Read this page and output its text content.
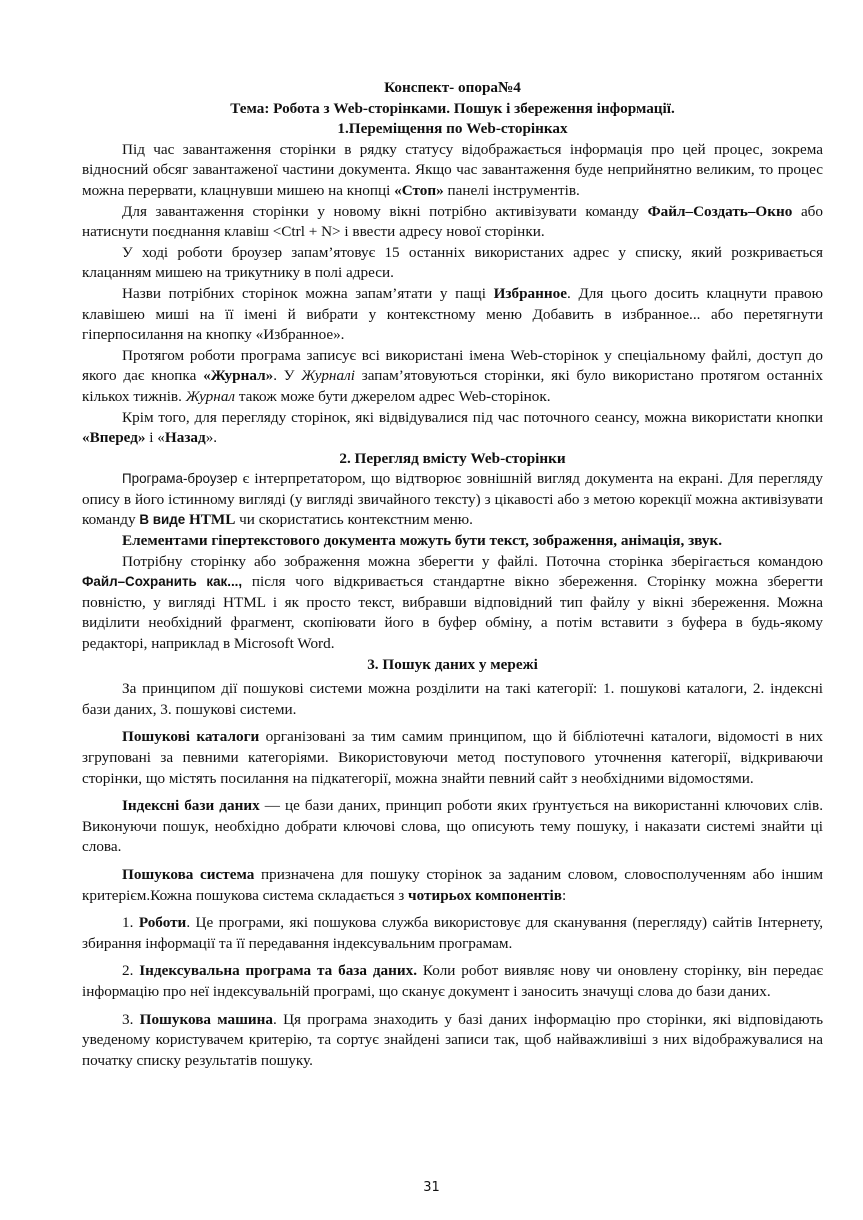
Конспект- опора№4
Тема: Робота з Web-сторінками. Пошук і збереження інформації.
1.Переміщення по Web-сторінках

Під час завантаження сторінки в рядку статусу відображається інформація про цей процес, зокрема відносний обсяг завантаженої частини документа. Якщо час завантаження буде неприйнятно великим, то процес можна перервати, клацнувши мишею на кнопці «Стоп» панелі інструментів.

Для завантаження сторінки у новому вікні потрібно активізувати команду Файл–Создать–Окно або натиснути поєднання клавіш <Ctrl + N> і ввести адресу нової сторінки.

У ході роботи броузер запам’ятовує 15 останніх використаних адрес у списку, який розкривається клацанням мишею на трикутнику в полі адреси.

Назви потрібних сторінок можна запам’ятати у пащі Избранное. Для цього досить клацнути правою клавішею миші на її імені й вибрати у контекстному меню Добавить в избранное... або перетягнути гіперпосилання на кнопку «Избранное».

Протягом роботи програма записує всі використані імена Web-сторінок у спеціальному файлі, доступ до якого дає кнопка «Журнал». У Журналі запам’ятовуються сторінки, які було використано протягом останніх кількох тижнів. Журнал також може бути джерелом адрес Web-сторінок.

Крім того, для перегляду сторінок, які відвідувалися під час поточного сеансу, можна використати кнопки «Вперед» і «Назад».

2. Перегляд вмісту Web-сторінки

Програма-броузер є інтерпретатором, що відтворює зовнішній вигляд документа на екрані. Для перегляду опису в його істинному вигляді (у вигляді звичайного тексту) з цікавості або з метою корекції можна активізувати команду В виде HTML чи скористатись контекстним меню.

Елементами гіпертекстового документа можуть бути текст, зображення, анімація, звук.

Потрібну сторінку або зображення можна зберегти у файлі. Поточна сторінка зберігається командою Файл–Сохранить как..., після чого відкривається стандартне вікно збереження. Сторінку можна зберегти повністю, у вигляді HTML і як просто текст, вибравши відповідний тип файлу у вікні збереження. Можна виділити необхідний фрагмент, скопіювати його в буфер обміну, а потім вставити з буфера в будь-якому редакторі, наприклад в Microsoft Word.

3. Пошук даних у мережі

За принципом дії пошукові системи можна розділити на такі категорії: 1. пошукові каталоги, 2. індексні бази даних, 3. пошукові системи.

Пошукові каталоги організовані за тим самим принципом, що й бібліотечні каталоги, відомості в них згруповані за певними категоріями. Використовуючи метод поступового уточнення категорії, відкриваючи сторінки, що містять посилання на підкатегорії, можна знайти певний сайт з необхідними відомостями.

Індексні бази даних — це бази даних, принцип роботи яких ґрунтується на використанні ключових слів. Виконуючи пошук, необхідно добрати ключові слова, що описують тему пошуку, і наказати системі знайти ці слова.

Пошукова система призначена для пошуку сторінок за заданим словом, словосполученням або іншим критерієм.Кожна пошукова система складається з чотирьох компонентів:

1. Роботи. Це програми, які пошукова служба використовує для сканування (перегляду) сайтів Інтернету, збирання інформації та її передавання індексувальним програмам.

2. Індексувальна програма та база даних. Коли робот виявляє нову чи оновлену сторінку, він передає інформацію про неї індексувальній програмі, що сканує документ і заносить значущі слова до бази даних.

3. Пошукова машина. Ця програма знаходить у базі даних інформацію про сторінки, які відповідають уведеному користувачем критерію, та сортує знайдені записи так, щоб найважливіші з них відображувалися на початку списку результатів пошуку.

31
